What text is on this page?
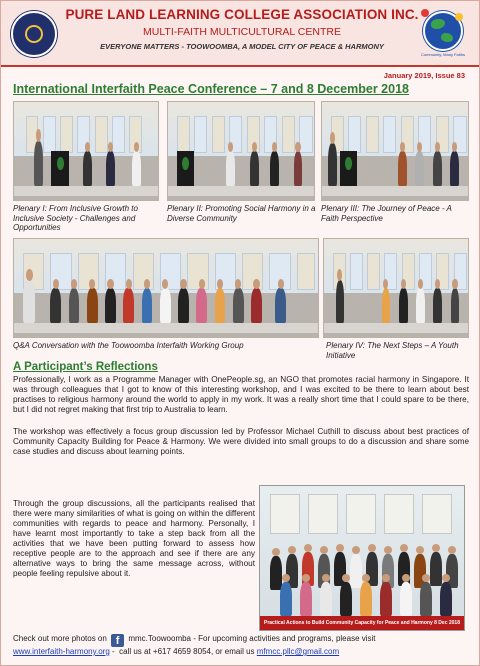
PURE LAND LEARNING COLLEGE ASSOCIATION INC.
MULTI-FAITH MULTICULTURAL CENTRE
EVERYONE MATTERS - TOOWOOMBA, A MODEL CITY OF PEACE & HARMONY
Community, Many Faiths
January 2019, Issue 83
International Interfaith Peace Conference – 7 and 8 December 2018
Plenary I: From Inclusive Growth to Inclusive Society - Challenges and Opportunities
Plenary II: Promoting Social Harmony in a Diverse Community
Plenary III: The Journey of Peace - A Faith Perspective
Q&A Conversation with the Toowoomba Interfaith Working Group	Plenary IV: The Next Steps – A Youth Initiative
A Participant’s Reflections
Professionally, I work as a Programme Manager with OnePeople.sg, an NGO that promotes racial harmony in Singapore. It was through colleagues that I got to know of this interesting workshop, and I was excited to be there to learn about best practises to religious harmony around the world to apply in my work. It was a really short time that I could spare to be there, but I did not regret making that first trip to Australia to learn.
The workshop was effectively a focus group discussion led by Professor Michael Cuthill to discuss about best practices of Community Capacity Building for Peace & Harmony. We were divided into small groups to do a discussion and share some case studies and discuss about learning points.
Through the group discussions, all the participants realised that there were many similarities of what is going on within the different communities with regards to peace and harmony. Personally, I have learnt most importantly to take a step back from all the activities that we have been putting forward to assess how receptive people are to the approach and see if there are any alternative ways to bring the same message across, without people feeling repulsive about it.
Practical Actions to Build Community Capacity for Peace and Harmony 8 Dec 2018
Check out more photos on f mmc.Toowoomba - For upcoming activities and programs, please visit
www.interfaith-harmony.org -  call us at +617 4659 8054, or email us mfmcc.pllc@gmail.com
